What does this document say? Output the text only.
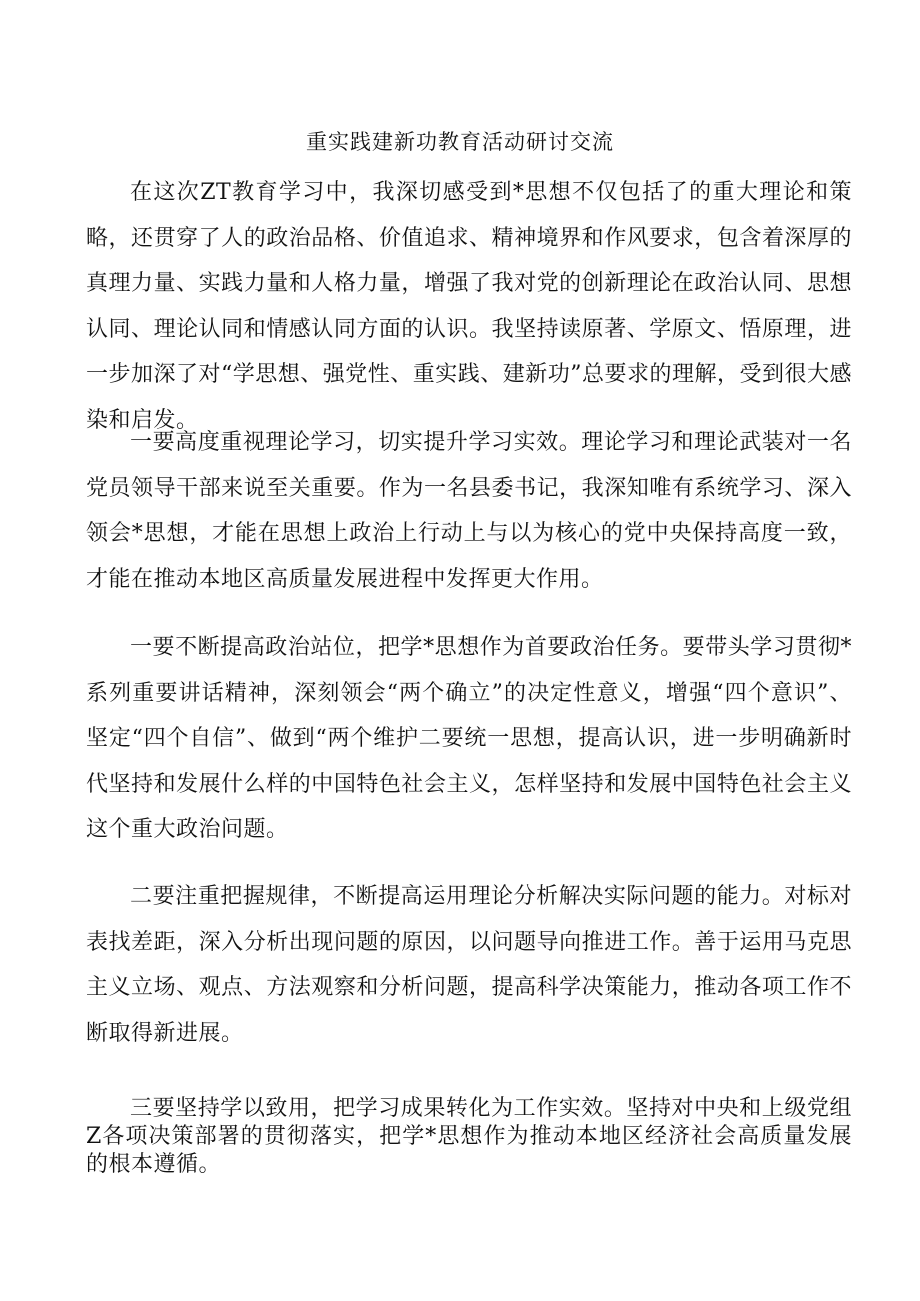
重实践建新功教育活动研讨交流

在这次ZT教育学习中，我深切感受到*思想不仅包括了的重大理论和策略，还贯穿了人的政治品格、价值追求、精神境界和作风要求，包含着深厚的真理力量、实践力量和人格力量，增强了我对党的创新理论在政治认同、思想认同、理论认同和情感认同方面的认识。我坚持读原著、学原文、悟原理，进一步加深了对“学思想、强党性、重实践、建新功”总要求的理解，受到很大感染和启发。

一要高度重视理论学习，切实提升学习实效。理论学习和理论武装对一名党员领导干部来说至关重要。作为一名县委书记，我深知唯有系统学习、深入领会*思想，才能在思想上政治上行动上与以为核心的党中央保持高度一致，才能在推动本地区高质量发展进程中发挥更大作用。

一要不断提高政治站位，把学*思想作为首要政治任务。要带头学习贯彻*系列重要讲话精神，深刻领会“两个确立”的决定性意义，增强“四个意识”、坚定“四个自信”、做到“两个维护二要统一思想，提高认识，进一步明确新时代坚持和发展什么样的中国特色社会主义，怎样坚持和发展中国特色社会主义这个重大政治问题。

二要注重把握规律，不断提高运用理论分析解决实际问题的能力。对标对表找差距，深入分析出现问题的原因，以问题导向推进工作。善于运用马克思主义立场、观点、方法观察和分析问题，提高科学决策能力，推动各项工作不断取得新进展。

三要坚持学以致用，把学习成果转化为工作实效。坚持对中央和上级党组Z各项决策部署的贯彻落实，把学*思想作为推动本地区经济社会高质量发展的根本遵循。
